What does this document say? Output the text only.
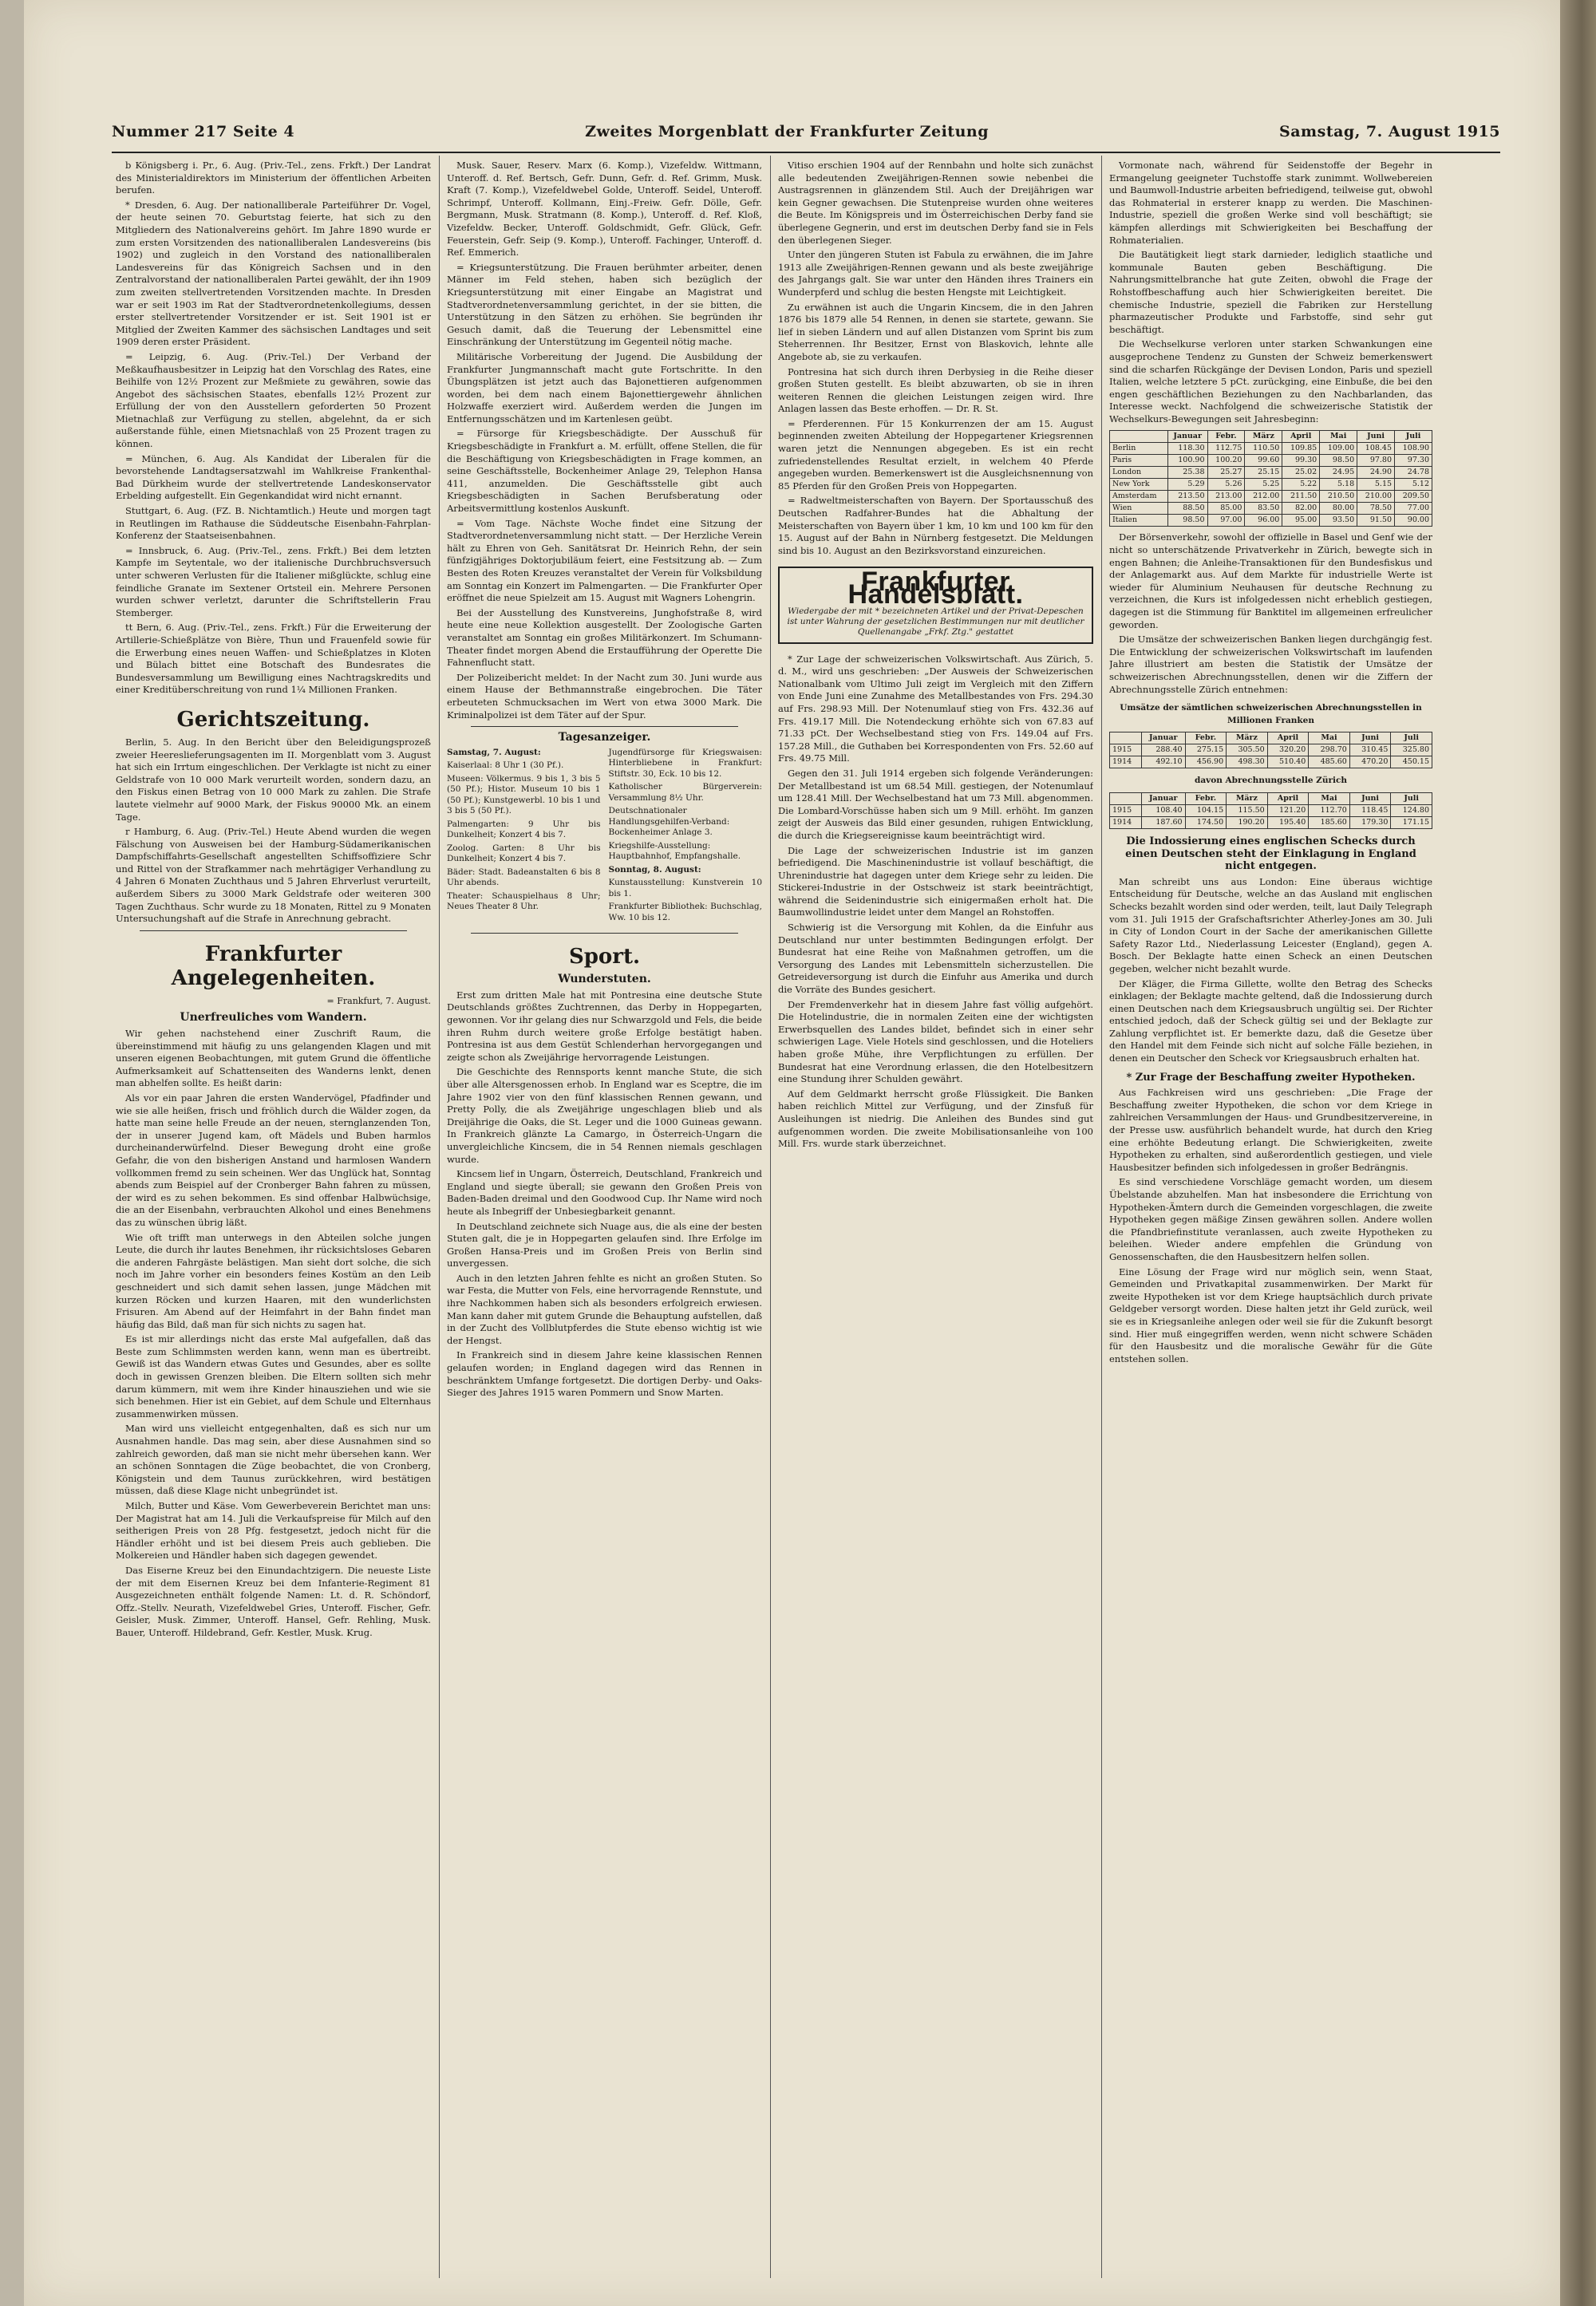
Nummer 217 Seite 4	Zweites Morgenblatt der Frankfurter Zeitung	Samstag, 7. August 1915

b Königsberg i. Pr., 6. Aug. (Priv.-Tel., zens. Frkft.) Der Landrat des Ministerialdirektors im Ministerium der öffentlichen Arbeiten berufen.

* Dresden, 6. Aug. Der nationalliberale Parteiführer Dr. Vogel, der heute seinen 70. Geburtstag feierte, hat sich zu den Mitgliedern des Nationalvereins gehört. Im Jahre 1890 wurde er zum ersten Vorsitzenden des nationalliberalen Landesvereins (bis 1902) und zugleich in den Vorstand des nationalliberalen Landesvereins für das Königreich Sachsen und in den Zentralvorstand der nationalliberalen Partei gewählt, der ihn 1909 zum zweiten stellvertretenden Vorsitzenden machte. In Dresden war er seit 1903 im Rat der Stadtverordnetenkollegiums, dessen erster stellvertretender Vorsitzender er ist. Seit 1901 ist er Mitglied der Zweiten Kammer des sächsischen Landtages und seit 1909 deren erster Präsident.

= Leipzig, 6. Aug. (Priv.-Tel.) Der Verband der Meßkaufhausbesitzer in Leipzig hat den Vorschlag des Rates, eine Beihilfe von 12½ Prozent zur Meßmiete zu gewähren, sowie das Angebot des sächsischen Staates, ebenfalls 12½ Prozent zur Erfüllung der von den Ausstellern geforderten 50 Prozent Mietnachlaß zur Verfügung zu stellen, abgelehnt, da er sich außerstande fühle, einen Mietsnachlaß von 25 Prozent tragen zu können.

= München, 6. Aug. Als Kandidat der Liberalen für die bevorstehende Landtagsersatzwahl im Wahlkreise Frankenthal-Bad Dürkheim wurde der stellvertretende Landeskonservator Erbelding aufgestellt. Ein Gegenkandidat wird nicht ernannt.

Stuttgart, 6. Aug. (FZ. B. Nichtamtlich.) Heute und morgen tagt in Reutlingen im Rathause die Süddeutsche Eisenbahn-Fahrplan-Konferenz der Staatseisenbahnen.

= Innsbruck, 6. Aug. (Priv.-Tel., zens. Frkft.) Bei dem letzten Kampfe im Seytentale, wo der italienische Durchbruchsversuch unter schweren Verlusten für die Italiener mißglückte, schlug eine feindliche Granate im Sextener Ortsteil ein. Mehrere Personen wurden schwer verletzt, darunter die Schriftstellerin Frau Stemberger.

tt Bern, 6. Aug. (Priv.-Tel., zens. Frkft.) Für die Erweiterung der Artillerie-Schießplätze von Bière, Thun und Frauenfeld sowie für die Erwerbung eines neuen Waffen- und Schießplatzes in Kloten und Bülach bittet eine Botschaft des Bundesrates die Bundesversammlung um Bewilligung eines Nachtragskredits und einer Kreditüberschreitung von rund 1¼ Millionen Franken.

Gerichtszeitung.

Berlin, 5. Aug. In den Bericht über den Beleidigungsprozeß zweier Heereslieferungsagenten im II. Morgenblatt vom 3. August hat sich ein Irrtum eingeschlichen. Der Verklagte ist nicht zu einer Geldstrafe von 10 000 Mark verurteilt worden, sondern dazu, an den Fiskus einen Betrag von 10 000 Mark zu zahlen. Die Strafe lautete vielmehr auf 9000 Mark, der Fiskus 90000 Mk. an einem Tage.

r Hamburg, 6. Aug. (Priv.-Tel.) Heute Abend wurden die wegen Fälschung von Ausweisen bei der Hamburg-Südamerikanischen Dampfschiffahrts-Gesellschaft angestellten Schiffsoffiziere Schr und Rittel von der Strafkammer nach mehrtägiger Verhandlung zu 4 Jahren 6 Monaten Zuchthaus und 5 Jahren Ehrverlust verurteilt, außerdem Sibers zu 3000 Mark Geldstrafe oder weiteren 300 Tagen Zuchthaus. Schr wurde zu 18 Monaten, Rittel zu 9 Monaten Untersuchungshaft auf die Strafe in Anrechnung gebracht.

Frankfurter Angelegenheiten.

= Frankfurt, 7. August.

Unerfreuliches vom Wandern.

Wir gehen nachstehend einer Zuschrift Raum, die übereinstimmend mit häufig zu uns gelangenden Klagen und mit unseren eigenen Beobachtungen, mit gutem Grund die öffentliche Aufmerksamkeit auf Schattenseiten des Wanderns lenkt, denen man abhelfen sollte. Es heißt darin:

Als vor ein paar Jahren die ersten Wandervögel, Pfadfinder und wie sie alle heißen, frisch und fröhlich durch die Wälder zogen, da hatte man seine helle Freude an der neuen, sternglanzenden Ton, der in unserer Jugend kam, oft Mädels und Buben harmlos durcheinanderwürfelnd. Dieser Bewegung droht eine große Gefahr, die von den bisherigen Anstand und harmlosen Wandern vollkommen fremd zu sein scheinen. Wer das Unglück hat, Sonntag abends zum Beispiel auf der Cronberger Bahn fahren zu müssen, der wird es zu sehen bekommen. Es sind offenbar Halbwüchsige, die an der Eisenbahn, verbrauchten Alkohol und eines Benehmens das zu wünschen übrig läßt.

Wie oft trifft man unterwegs in den Abteilen solche jungen Leute, die durch ihr lautes Benehmen, ihr rücksichtsloses Gebaren die anderen Fahrgäste belästigen. Man sieht dort solche, die sich noch im Jahre vorher ein besonders feines Kostüm an den Leib geschneidert und sich damit sehen lassen, junge Mädchen mit kurzen Röcken und kurzen Haaren, mit den wunderlichsten Frisuren. Am Abend auf der Heimfahrt in der Bahn findet man häufig das Bild, daß man für sich nichts zu sagen hat.

Es ist mir allerdings nicht das erste Mal aufgefallen, daß das Beste zum Schlimmsten werden kann, wenn man es übertreibt. Gewiß ist das Wandern etwas Gutes und Gesundes, aber es sollte doch in gewissen Grenzen bleiben. Die Eltern sollten sich mehr darum kümmern, mit wem ihre Kinder hinausziehen und wie sie sich benehmen. Hier ist ein Gebiet, auf dem Schule und Elternhaus zusammenwirken müssen.

Man wird uns vielleicht entgegenhalten, daß es sich nur um Ausnahmen handle. Das mag sein, aber diese Ausnahmen sind so zahlreich geworden, daß man sie nicht mehr übersehen kann. Wer an schönen Sonntagen die Züge beobachtet, die von Cronberg, Königstein und dem Taunus zurückkehren, wird bestätigen müssen, daß diese Klage nicht unbegründet ist.

Milch, Butter und Käse. Vom Gewerbeverein Berichtet man uns: Der Magistrat hat am 14. Juli die Verkaufspreise für Milch auf den seitherigen Preis von 28 Pfg. festgesetzt, jedoch nicht für die Händler erhöht und ist bei diesem Preis auch geblieben. Die Molkereien und Händler haben sich dagegen gewendet.

Das Eiserne Kreuz bei den Einundachtzigern. Die neueste Liste der mit dem Eisernen Kreuz bei dem Infanterie-Regiment 81 Ausgezeichneten enthält folgende Namen: Lt. d. R. Schöndorf, Offz.-Stellv. Neurath, Vizefeldwebel Gries, Unteroff. Fischer, Gefr. Geisler, Musk. Zimmer, Unteroff. Hansel, Gefr. Rehling, Musk. Bauer, Unteroff. Hildebrand, Gefr. Kestler, Musk. Krug.

Musk. Sauer, Reserv. Marx (6. Komp.), Vizefeldw. Wittmann, Unteroff. d. Ref. Bertsch, Gefr. Dunn, Gefr. d. Ref. Grimm, Musk. Kraft (7. Komp.), Vizefeldwebel Golde, Unteroff. Seidel, Unteroff. Schrimpf, Unteroff. Kollmann, Einj.-Freiw. Gefr. Dölle, Gefr. Bergmann, Musk. Stratmann (8. Komp.), Unteroff. d. Ref. Kloß, Vizefeldw. Becker, Unteroff. Goldschmidt, Gefr. Glück, Gefr. Feuerstein, Gefr. Seip (9. Komp.), Unteroff. Fachinger, Unteroff. d. Ref. Emmerich.

= Kriegsunterstützung. Die Frauen berühmter arbeiter, denen Männer im Feld stehen, haben sich bezüglich der Kriegsunterstützung mit einer Eingabe an Magistrat und Stadtverordnetenversammlung gerichtet, in der sie bitten, die Unterstützung in den Sätzen zu erhöhen. Sie begründen ihr Gesuch damit, daß die Teuerung der Lebensmittel eine Einschränkung der Unterstützung im Gegenteil nötig mache.

Militärische Vorbereitung der Jugend. Die Ausbildung der Frankfurter Jungmannschaft macht gute Fortschritte. In den Übungsplätzen ist jetzt auch das Bajonettieren aufgenommen worden, bei dem nach einem Bajonettiergewehr ähnlichen Holzwaffe exerziert wird. Außerdem werden die Jungen im Entfernungsschätzen und im Kartenlesen geübt.

= Fürsorge für Kriegsbeschädigte. Der Ausschuß für Kriegsbeschädigte in Frankfurt a. M. erfüllt, offene Stellen, die für die Beschäftigung von Kriegsbeschädigten in Frage kommen, an seine Geschäftsstelle, Bockenheimer Anlage 29, Telephon Hansa 411, anzumelden. Die Geschäftsstelle gibt auch Kriegsbeschädigten in Sachen Berufsberatung oder Arbeitsvermittlung kostenlos Auskunft.

= Vom Tage. Nächste Woche findet eine Sitzung der Stadtverordnetenversammlung nicht statt. — Der Herzliche Verein hält zu Ehren von Geh. Sanitätsrat Dr. Heinrich Rehn, der sein fünfzigjähriges Doktorjubiläum feiert, eine Festsitzung ab. — Zum Besten des Roten Kreuzes veranstaltet der Verein für Volksbildung am Sonntag ein Konzert im Palmengarten. — Die Frankfurter Oper eröffnet die neue Spielzeit am 15. August mit Wagners Lohengrin.

Bei der Ausstellung des Kunstvereins, Junghofstraße 8, wird heute eine neue Kollektion ausgestellt. Der Zoologische Garten veranstaltet am Sonntag ein großes Militärkonzert. Im Schumann-Theater findet morgen Abend die Erstaufführung der Operette Die Fahnenflucht statt.

Der Polizeibericht meldet: In der Nacht zum 30. Juni wurde aus einem Hause der Bethmannstraße eingebrochen. Die Täter erbeuteten Schmucksachen im Wert von etwa 3000 Mark. Die Kriminalpolizei ist dem Täter auf der Spur.

Tagesanzeiger.
Samstag, 7. August:
Kaiserlaal: 8 Uhr 1 (30 Pf.).
Museen: Völkermus. 9 bis 1, 3 bis 5 (50 Pf.); Histor. Museum 10 bis 1 (50 Pf.); Kunstgewerbl. 10 bis 1 und 3 bis 5 (50 Pf.).
Palmengarten: 9 Uhr bis Dunkelheit; Konzert 4 bis 7.
Zoolog. Garten: 8 Uhr bis Dunkelheit; Konzert 4 bis 7.
Bäder: Stadt. Badeanstalten 6 bis 8 Uhr abends.
Theater: Schauspielhaus 8 Uhr; Neues Theater 8 Uhr.
Jugendfürsorge für Kriegswaisen: Hinterbliebene in Frankfurt: Stiftstr. 30, Eck. 10 bis 12.
Katholischer Bürgerverein: Versammlung 8½ Uhr.
Deutschnationaler Handlungsgehilfen-Verband: Bockenheimer Anlage 3.
Kriegshilfe-Ausstellung: Hauptbahnhof, Empfangshalle.
Sonntag, 8. August:
Kunstausstellung: Kunstverein 10 bis 1.
Frankfurter Bibliothek: Buchschlag, Ww. 10 bis 12.
Sport.
Wunderstuten.

Erst zum dritten Male hat mit Pontresina eine deutsche Stute Deutschlands größtes Zuchtrennen, das Derby in Hoppegarten, gewonnen. Vor ihr gelang dies nur Schwarzgold und Fels, die beide ihren Ruhm durch weitere große Erfolge bestätigt haben. Pontresina ist aus dem Gestüt Schlenderhan hervorgegangen und zeigte schon als Zweijährige hervorragende Leistungen.

Die Geschichte des Rennsports kennt manche Stute, die sich über alle Altersgenossen erhob. In England war es Sceptre, die im Jahre 1902 vier von den fünf klassischen Rennen gewann, und Pretty Polly, die als Zweijährige ungeschlagen blieb und als Dreijährige die Oaks, die St. Leger und die 1000 Guineas gewann. In Frankreich glänzte La Camargo, in Österreich-Ungarn die unvergleichliche Kincsem, die in 54 Rennen niemals geschlagen wurde.

Kincsem lief in Ungarn, Österreich, Deutschland, Frankreich und England und siegte überall; sie gewann den Großen Preis von Baden-Baden dreimal und den Goodwood Cup. Ihr Name wird noch heute als Inbegriff der Unbesiegbarkeit genannt.

In Deutschland zeichnete sich Nuage aus, die als eine der besten Stuten galt, die je in Hoppegarten gelaufen sind. Ihre Erfolge im Großen Hansa-Preis und im Großen Preis von Berlin sind unvergessen.

Auch in den letzten Jahren fehlte es nicht an großen Stuten. So war Festa, die Mutter von Fels, eine hervorragende Rennstute, und ihre Nachkommen haben sich als besonders erfolgreich erwiesen. Man kann daher mit gutem Grunde die Behauptung aufstellen, daß in der Zucht des Vollblutpferdes die Stute ebenso wichtig ist wie der Hengst.

In Frankreich sind in diesem Jahre keine klassischen Rennen gelaufen worden; in England dagegen wird das Rennen in beschränktem Umfange fortgesetzt. Die dortigen Derby- und Oaks-Sieger des Jahres 1915 waren Pommern und Snow Marten.

Vitiso erschien 1904 auf der Rennbahn und holte sich zunächst alle bedeutenden Zweijährigen-Rennen sowie nebenbei die Austragsrennen in glänzendem Stil. Auch der Dreijährigen war kein Gegner gewachsen. Die Stutenpreise wurden ohne weiteres die Beute. Im Königspreis und im Österreichischen Derby fand sie überlegene Gegnerin, und erst im deutschen Derby fand sie in Fels den überlegenen Sieger.

Unter den jüngeren Stuten ist Fabula zu erwähnen, die im Jahre 1913 alle Zweijährigen-Rennen gewann und als beste zweijährige des Jahrgangs galt. Sie war unter den Händen ihres Trainers ein Wunderpferd und schlug die besten Hengste mit Leichtigkeit.

Zu erwähnen ist auch die Ungarin Kincsem, die in den Jahren 1876 bis 1879 alle 54 Rennen, in denen sie startete, gewann. Sie lief in sieben Ländern und auf allen Distanzen vom Sprint bis zum Steherrennen. Ihr Besitzer, Ernst von Blaskovich, lehnte alle Angebote ab, sie zu verkaufen.

Pontresina hat sich durch ihren Derbysieg in die Reihe dieser großen Stuten gestellt. Es bleibt abzuwarten, ob sie in ihren weiteren Rennen die gleichen Leistungen zeigen wird. Ihre Anlagen lassen das Beste erhoffen. — Dr. R. St.

= Pferderennen. Für 15 Konkurrenzen der am 15. August beginnenden zweiten Abteilung der Hoppegartener Kriegsrennen waren jetzt die Nennungen abgegeben. Es ist ein recht zufriedenstellendes Resultat erzielt, in welchem 40 Pferde angegeben wurden. Bemerkenswert ist die Ausgleichsnennung von 85 Pferden für den Großen Preis von Hoppegarten.

= Radweltmeisterschaften von Bayern. Der Sportausschuß des Deutschen Radfahrer-Bundes hat die Abhaltung der Meisterschaften von Bayern über 1 km, 10 km und 100 km für den 15. August auf der Bahn in Nürnberg festgesetzt. Die Meldungen sind bis 10. August an den Bezirksvorstand einzureichen.

Frankfurter Handelsblatt.
Wiedergabe der mit * bezeichneten Artikel und der Privat-Depeschen ist unter Wahrung der gesetzlichen Bestimmungen nur mit deutlicher Quellenangabe „Frkf. Ztg." gestattet

* Zur Lage der schweizerischen Volkswirtschaft. Aus Zürich, 5. d. M., wird uns geschrieben: „Der Ausweis der Schweizerischen Nationalbank vom Ultimo Juli zeigt im Vergleich mit den Ziffern von Ende Juni eine Zunahme des Metallbestandes von Frs. 294.30 auf Frs. 298.93 Mill. Der Notenumlauf stieg von Frs. 432.36 auf Frs. 419.17 Mill. Die Notendeckung erhöhte sich von 67.83 auf 71.33 pCt. Der Wechselbestand stieg von Frs. 149.04 auf Frs. 157.28 Mill., die Guthaben bei Korrespondenten von Frs. 52.60 auf Frs. 49.75 Mill.

Gegen den 31. Juli 1914 ergeben sich folgende Veränderungen: Der Metallbestand ist um 68.54 Mill. gestiegen, der Notenumlauf um 128.41 Mill. Der Wechselbestand hat um 73 Mill. abgenommen. Die Lombard-Vorschüsse haben sich um 9 Mill. erhöht. Im ganzen zeigt der Ausweis das Bild einer gesunden, ruhigen Entwicklung, die durch die Kriegsereignisse kaum beeinträchtigt wird.

Die Lage der schweizerischen Industrie ist im ganzen befriedigend. Die Maschinenindustrie ist vollauf beschäftigt, die Uhrenindustrie hat dagegen unter dem Kriege sehr zu leiden. Die Stickerei-Industrie in der Ostschweiz ist stark beeinträchtigt, während die Seidenindustrie sich einigermaßen erholt hat. Die Baumwollindustrie leidet unter dem Mangel an Rohstoffen.

Schwierig ist die Versorgung mit Kohlen, da die Einfuhr aus Deutschland nur unter bestimmten Bedingungen erfolgt. Der Bundesrat hat eine Reihe von Maßnahmen getroffen, um die Versorgung des Landes mit Lebensmitteln sicherzustellen. Die Getreideversorgung ist durch die Einfuhr aus Amerika und durch die Vorräte des Bundes gesichert.

Der Fremdenverkehr hat in diesem Jahre fast völlig aufgehört. Die Hotelindustrie, die in normalen Zeiten eine der wichtigsten Erwerbsquellen des Landes bildet, befindet sich in einer sehr schwierigen Lage. Viele Hotels sind geschlossen, und die Hoteliers haben große Mühe, ihre Verpflichtungen zu erfüllen. Der Bundesrat hat eine Verordnung erlassen, die den Hotelbesitzern eine Stundung ihrer Schulden gewährt.

Auf dem Geldmarkt herrscht große Flüssigkeit. Die Banken haben reichlich Mittel zur Verfügung, und der Zinsfuß für Ausleihungen ist niedrig. Die Anleihen des Bundes sind gut aufgenommen worden. Die zweite Mobilisationsanleihe von 100 Mill. Frs. wurde stark überzeichnet.

Vormonate nach, während für Seidenstoffe der Begehr in Ermangelung geeigneter Tuchstoffe stark zunimmt. Wollwebereien und Baumwoll-Industrie arbeiten befriedigend, teilweise gut, obwohl das Rohmaterial in ersterer knapp zu werden. Die Maschinen-Industrie, speziell die großen Werke sind voll beschäftigt; sie kämpfen allerdings mit Schwierigkeiten bei Beschaffung der Rohmaterialien.

Die Bautätigkeit liegt stark darnieder, lediglich staatliche und kommunale Bauten geben Beschäftigung. Die Nahrungsmittelbranche hat gute Zeiten, obwohl die Frage der Rohstoffbeschaffung auch hier Schwierigkeiten bereitet. Die chemische Industrie, speziell die Fabriken zur Herstellung pharmazeutischer Produkte und Farbstoffe, sind sehr gut beschäftigt.

Die Wechselkurse verloren unter starken Schwankungen eine ausgeprochene Tendenz zu Gunsten der Schweiz bemerkenswert sind die scharfen Rückgänge der Devisen London, Paris und speziell Italien, welche letztere 5 pCt. zurückging, eine Einbuße, die bei den engen geschäftlichen Beziehungen zu den Nachbarlanden, das Interesse weckt. Nachfolgend die schweizerische Statistik der Wechselkurs-Bewegungen seit Jahresbeginn:

	Januar	Febr.	März	April	Mai	Juni	Juli
Berlin	118.30	112.75	110.50	109.85	109.00	108.45	108.90
Paris	100.90	100.20	99.60	99.30	98.50	97.80	97.30
London	25.38	25.27	25.15	25.02	24.95	24.90	24.78
New York	5.29	5.26	5.25	5.22	5.18	5.15	5.12
Amsterdam	213.50	213.00	212.00	211.50	210.50	210.00	209.50
Wien	88.50	85.00	83.50	82.00	80.00	78.50	77.00
Italien	98.50	97.00	96.00	95.00	93.50	91.50	90.00

Der Börsenverkehr, sowohl der offizielle in Basel und Genf wie der nicht so unterschätzende Privatverkehr in Zürich, bewegte sich in engen Bahnen; die Anleihe-Transaktionen für den Bundesfiskus und der Anlagemarkt aus. Auf dem Markte für industrielle Werte ist wieder für Aluminium Neuhausen für deutsche Rechnung zu verzeichnen, die Kurs ist infolgedessen nicht erheblich gestiegen, dagegen ist die Stimmung für Banktitel im allgemeinen erfreulicher geworden.

Die Umsätze der schweizerischen Banken liegen durchgängig fest. Die Entwicklung der schweizerischen Volkswirtschaft im laufenden Jahre illustriert am besten die Statistik der Umsätze der schweizerischen Abrechnungsstellen, denen wir die Ziffern der Abrechnungsstelle Zürich entnehmen:

Umsätze der sämtlichen schweizerischen Abrechnungsstellen in Millionen Franken
	Januar	Febr.	März	April	Mai	Juni	Juli
1915	288.40	275.15	305.50	320.20	298.70	310.45	325.80
1914	492.10	456.90	498.30	510.40	485.60	470.20	450.15
davon Abrechnungsstelle Zürich
	Januar	Febr.	März	April	Mai	Juni	Juli
1915	108.40	104.15	115.50	121.20	112.70	118.45	124.80
1914	187.60	174.50	190.20	195.40	185.60	179.30	171.15
Die Indossierung eines englischen Schecks durch einen Deutschen steht der Einklagung in England nicht entgegen.

Man schreibt uns aus London: Eine überaus wichtige Entscheidung für Deutsche, welche an das Ausland mit englischen Schecks bezahlt worden sind oder werden, teilt, laut Daily Telegraph vom 31. Juli 1915 der Grafschaftsrichter Atherley-Jones am 30. Juli in City of London Court in der Sache der amerikanischen Gillette Safety Razor Ltd., Niederlassung Leicester (England), gegen A. Bosch. Der Beklagte hatte einen Scheck an einen Deutschen gegeben, welcher nicht bezahlt wurde.

Der Kläger, die Firma Gillette, wollte den Betrag des Schecks einklagen; der Beklagte machte geltend, daß die Indossierung durch einen Deutschen nach dem Kriegsausbruch ungültig sei. Der Richter entschied jedoch, daß der Scheck gültig sei und der Beklagte zur Zahlung verpflichtet ist. Er bemerkte dazu, daß die Gesetze über den Handel mit dem Feinde sich nicht auf solche Fälle beziehen, in denen ein Deutscher den Scheck vor Kriegsausbruch erhalten hat.

* Zur Frage der Beschaffung zweiter Hypotheken.

Aus Fachkreisen wird uns geschrieben: „Die Frage der Beschaffung zweiter Hypotheken, die schon vor dem Kriege in zahlreichen Versammlungen der Haus- und Grundbesitzervereine, in der Presse usw. ausführlich behandelt wurde, hat durch den Krieg eine erhöhte Bedeutung erlangt. Die Schwierigkeiten, zweite Hypotheken zu erhalten, sind außerordentlich gestiegen, und viele Hausbesitzer befinden sich infolgedessen in großer Bedrängnis.

Es sind verschiedene Vorschläge gemacht worden, um diesem Übelstande abzuhelfen. Man hat insbesondere die Errichtung von Hypotheken-Ämtern durch die Gemeinden vorgeschlagen, die zweite Hypotheken gegen mäßige Zinsen gewähren sollen. Andere wollen die Pfandbriefinstitute veranlassen, auch zweite Hypotheken zu beleihen. Wieder andere empfehlen die Gründung von Genossenschaften, die den Hausbesitzern helfen sollen.

Eine Lösung der Frage wird nur möglich sein, wenn Staat, Gemeinden und Privatkapital zusammenwirken. Der Markt für zweite Hypotheken ist vor dem Kriege hauptsächlich durch private Geldgeber versorgt worden. Diese halten jetzt ihr Geld zurück, weil sie es in Kriegsanleihe anlegen oder weil sie für die Zukunft besorgt sind. Hier muß eingegriffen werden, wenn nicht schwere Schäden für den Hausbesitz und die moralische Gewähr für die Güte entstehen sollen.
